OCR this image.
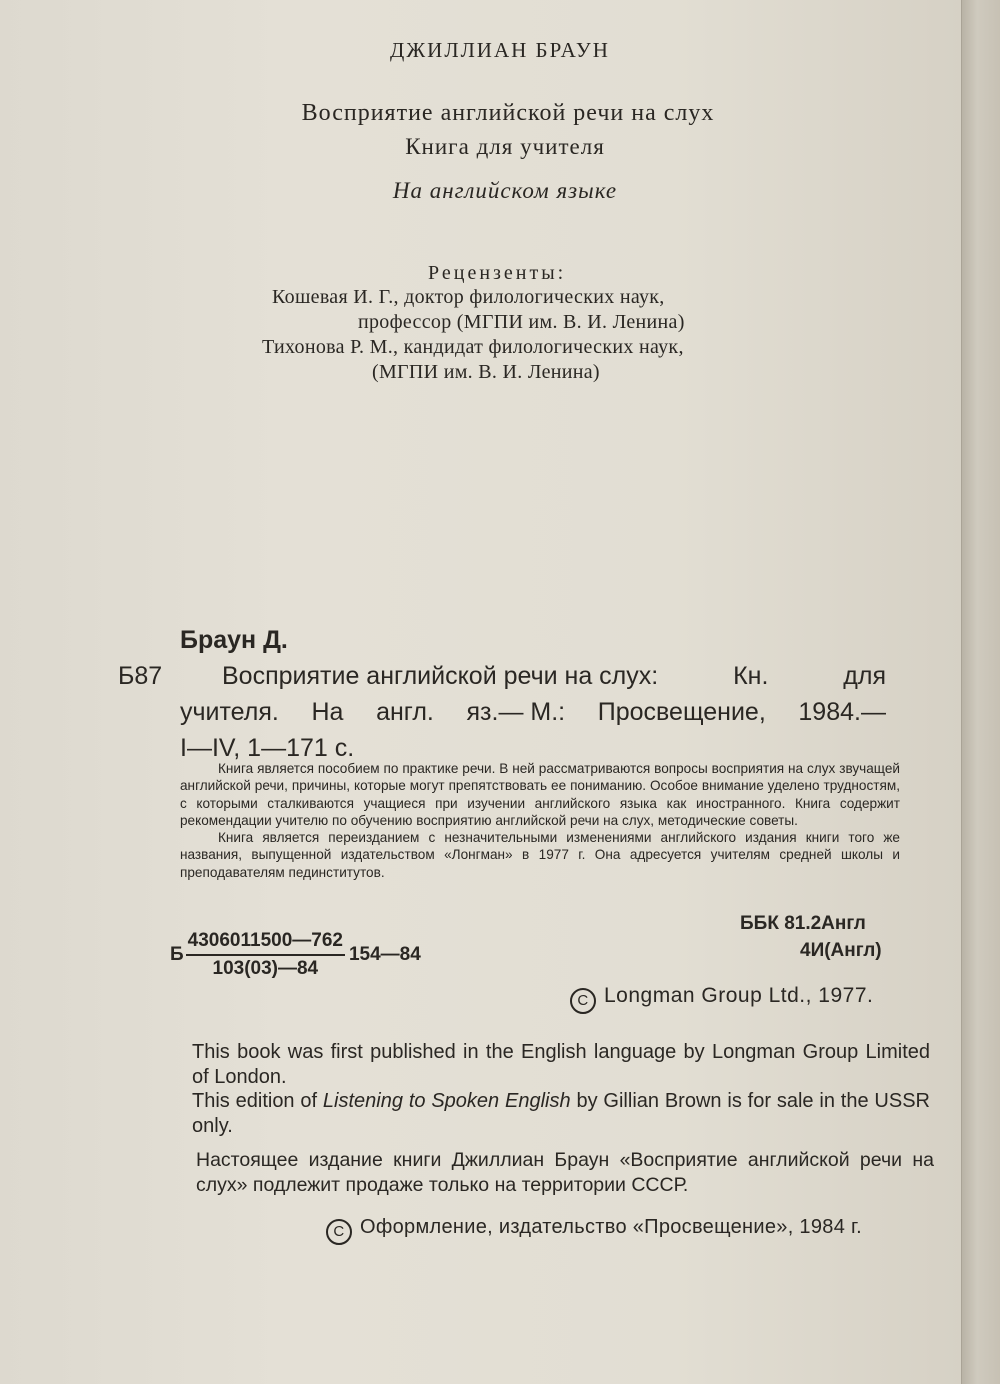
ДЖИЛЛИАН БРАУН
Восприятие английской речи на слух
Книга для учителя
На английском языке
Рецензенты:
Кошевая И. Г., доктор филологических наук,
профессор (МГПИ им. В. И. Ленина)
Тихонова Р. М., кандидат филологических наук,
(МГПИ им. В. И. Ленина)
Браун Д.
Б87 Восприятие английской речи на слух:	Кн.	для
учителя. На англ. яз.— М.: Просвещение, 1984.—
I—IV, 1—171 с.

Книга является пособием по практике речи. В ней рассматриваются вопросы восприятия на слух звучащей английской речи, причины, которые могут препятствовать ее пониманию. Особое внимание уделено трудностям, с которыми сталкиваются учащиеся при изучении английского языка как иностранного. Книга содержит рекомендации учителю по обучению восприятию английской речи на слух, методические советы.

Книга является переизданием с незначительными изменениями английского издания книги того же названия, выпущенной издательством «Лонгман» в 1977 г. Она адресуется учителям средней школы и преподавателям пединститутов.

ББК 81.2Англ
4И(Англ)
Б $\frac{4306011500—762}{103(03)—84}$ 154—84
C Longman Group Ltd., 1977.

This book was first published in the English language by Longman Group Limited of London.

This edition of Listening to Spoken English by Gillian Brown is for sale in the USSR only.

Настоящее издание книги Джиллиан Браун «Восприятие английской речи на слух» подлежит продаже только на территории СССР.

C Оформление, издательство «Просвещение», 1984 г.
